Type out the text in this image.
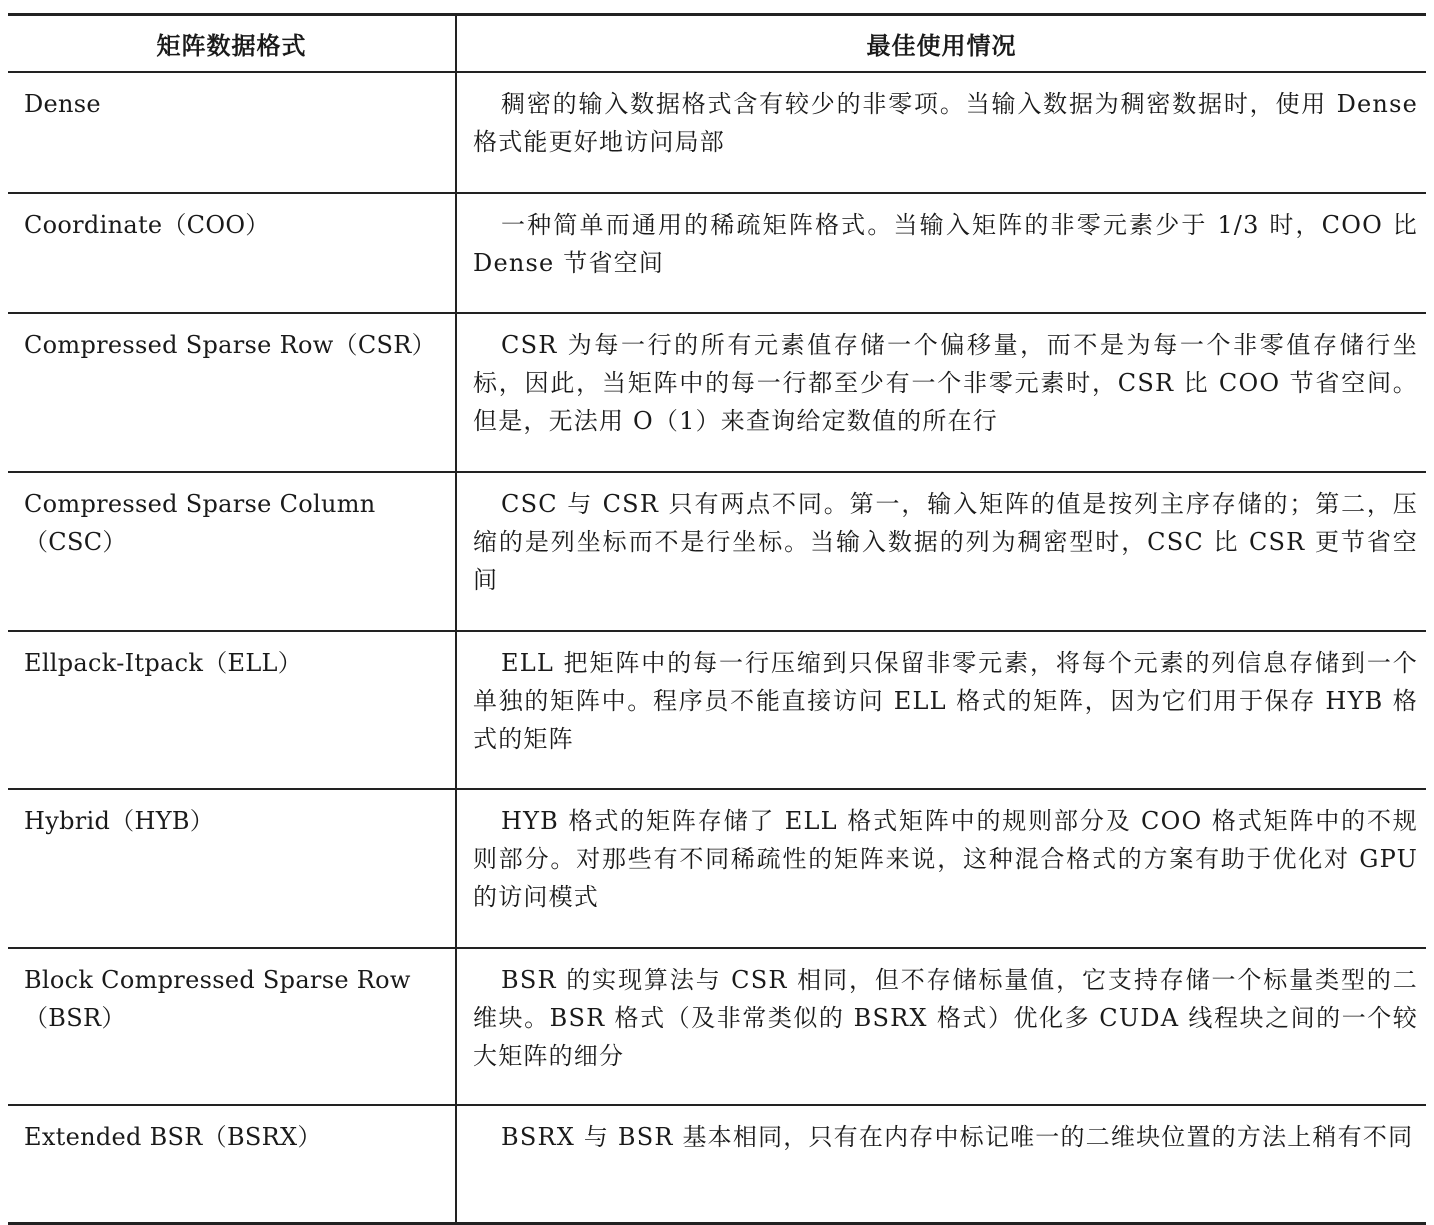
矩阵数据格式	最佳使用情况
Dense	稠密的输入数据格式含有较少的非零项。当输入数据为稠密数据时，使用 Dense 格式能更好地访问局部
Coordinate（COO）	一种简单而通用的稀疏矩阵格式。当输入矩阵的非零元素少于 1/3 时，COO 比 Dense 节省空间
Compressed Sparse Row（CSR）	CSR 为每一行的所有元素值存储一个偏移量，而不是为每一个非零值存储行坐标，因此，当矩阵中的每一行都至少有一个非零元素时，CSR 比 COO 节省空间。但是，无法用 O（1）来查询给定数值的所在行
Compressed Sparse Column（CSC）	CSC 与 CSR 只有两点不同。第一，输入矩阵的值是按列主序存储的；第二，压缩的是列坐标而不是行坐标。当输入数据的列为稠密型时，CSC 比 CSR 更节省空间
Ellpack-Itpack（ELL）	ELL 把矩阵中的每一行压缩到只保留非零元素，将每个元素的列信息存储到一个单独的矩阵中。程序员不能直接访问 ELL 格式的矩阵，因为它们用于保存 HYB 格式的矩阵
Hybrid（HYB）	HYB 格式的矩阵存储了 ELL 格式矩阵中的规则部分及 COO 格式矩阵中的不规则部分。对那些有不同稀疏性的矩阵来说，这种混合格式的方案有助于优化对 GPU 的访问模式
Block Compressed Sparse Row（BSR）	BSR 的实现算法与 CSR 相同，但不存储标量值，它支持存储一个标量类型的二维块。BSR 格式（及非常类似的 BSRX 格式）优化多 CUDA 线程块之间的一个较大矩阵的细分
Extended BSR（BSRX）	BSRX 与 BSR 基本相同，只有在内存中标记唯一的二维块位置的方法上稍有不同
